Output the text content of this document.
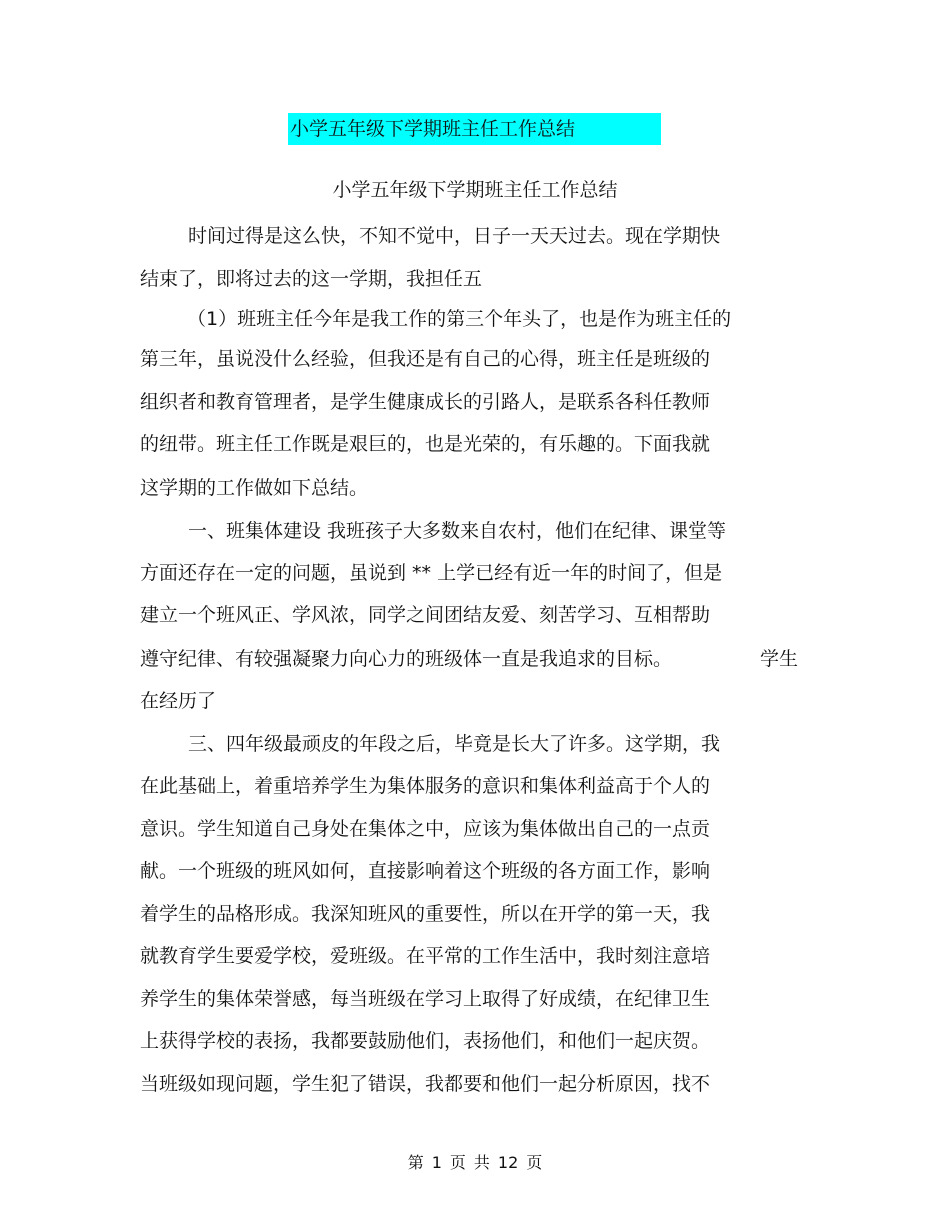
小学五年级下学期班主任工作总结
小学五年级下学期班主任工作总结
时间过得是这么快，不知不觉中，日子一天天过去。现在学期快
结束了，即将过去的这一学期，我担任五
（1）班班主任今年是我工作的第三个年头了，也是作为班主任的
第三年，虽说没什么经验，但我还是有自己的心得，班主任是班级的
组织者和教育管理者，是学生健康成长的引路人，是联系各科任教师
的纽带。班主任工作既是艰巨的，也是光荣的，有乐趣的。下面我就
这学期的工作做如下总结。
一、班集体建设 我班孩子大多数来自农村，他们在纪律、课堂等
方面还存在一定的问题，虽说到 ** 上学已经有近一年的时间了，但是
建立一个班风正、学风浓，同学之间团结友爱、刻苦学习、互相帮助
遵守纪律、有较强凝聚力向心力的班级体一直是我追求的目标。	学生
在经历了
三、四年级最顽皮的年段之后，毕竟是长大了许多。这学期，我
在此基础上，着重培养学生为集体服务的意识和集体利益高于个人的
意识。学生知道自己身处在集体之中，应该为集体做出自己的一点贡
献。一个班级的班风如何，直接影响着这个班级的各方面工作，影响
着学生的品格形成。我深知班风的重要性，所以在开学的第一天，我
就教育学生要爱学校，爱班级。在平常的工作生活中，我时刻注意培
养学生的集体荣誉感，每当班级在学习上取得了好成绩，在纪律卫生
上获得学校的表扬，我都要鼓励他们，表扬他们，和他们一起庆贺。
当班级如现问题，学生犯了错误，我都要和他们一起分析原因，找不
第 1 页 共 12 页
